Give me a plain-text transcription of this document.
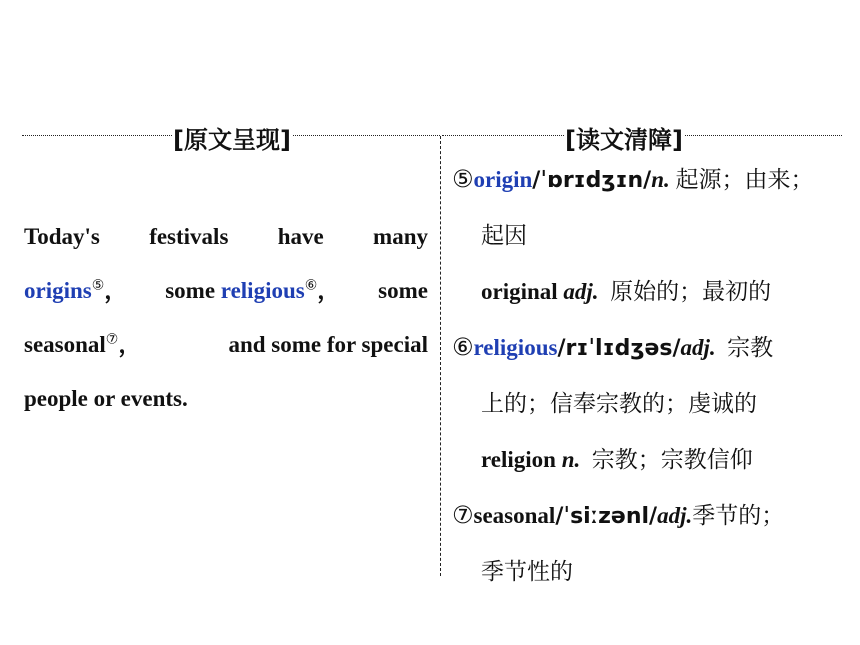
[原文呈现]	[读文清障]
Today's festivals have many
origins⑤， some religious⑥， some
seasonal⑦，	and some for special
people or events.
⑤origin/ˈɒrɪdʒɪn/n. 起源；由来；
起因
original adj. 原始的；最初的
⑥religious/rɪˈlɪdʒəs/adj. 宗教
上的；信奉宗教的；虔诚的
religion n. 宗教；宗教信仰
⑦seasonal/ˈsiːzənl/adj.季节的；
季节性的
